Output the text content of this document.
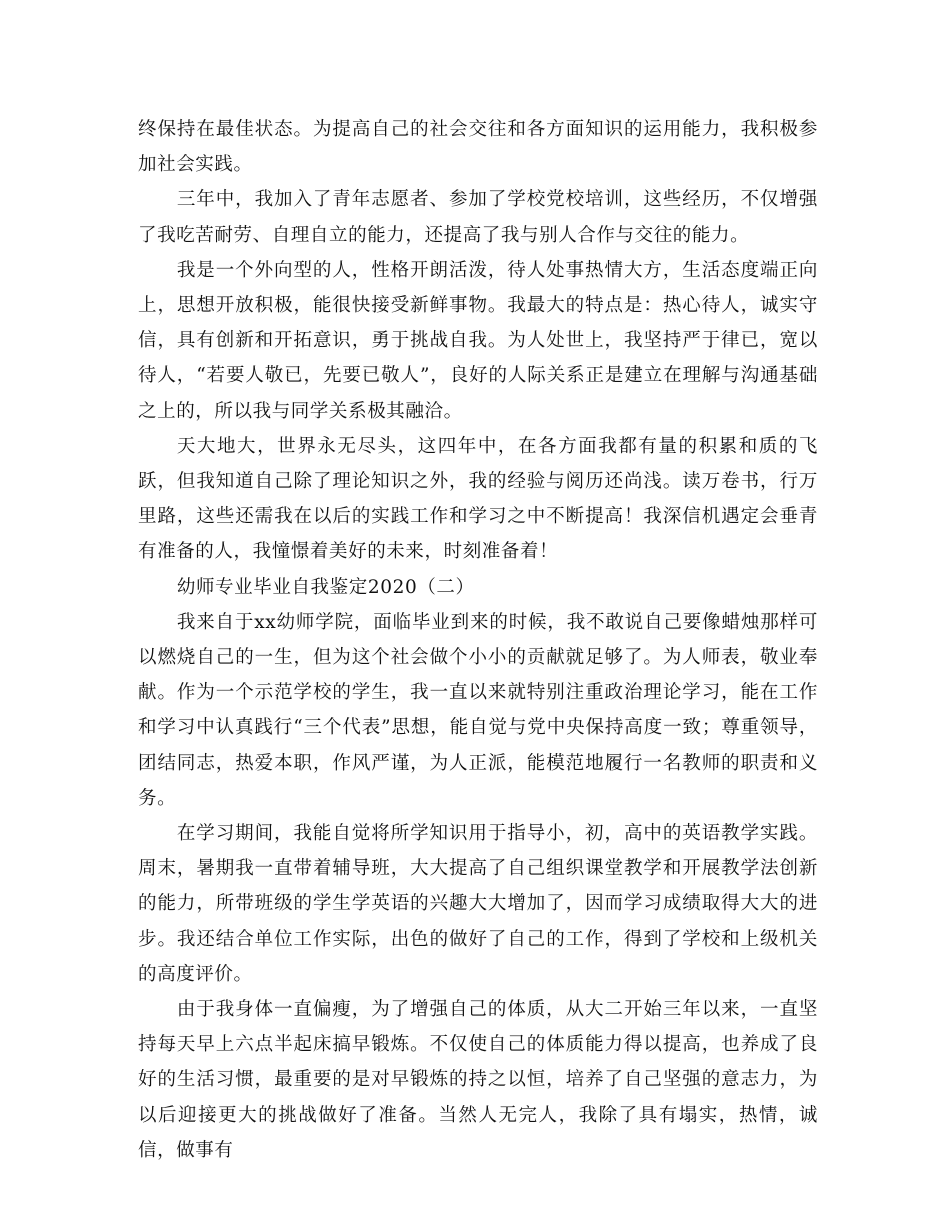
终保持在最佳状态。为提高自己的社会交往和各方面知识的运用能力，我积极参加社会实践。

三年中，我加入了青年志愿者、参加了学校党校培训，这些经历，不仅增强了我吃苦耐劳、自理自立的能力，还提高了我与别人合作与交往的能力。

我是一个外向型的人，性格开朗活泼，待人处事热情大方，生活态度端正向上，思想开放积极，能很快接受新鲜事物。我最大的特点是：热心待人，诚实守信，具有创新和开拓意识，勇于挑战自我。为人处世上，我坚持严于律已，宽以待人，“若要人敬已，先要已敬人”，良好的人际关系正是建立在理解与沟通基础之上的，所以我与同学关系极其融洽。

天大地大，世界永无尽头，这四年中，在各方面我都有量的积累和质的飞跃，但我知道自己除了理论知识之外，我的经验与阅历还尚浅。读万卷书，行万里路，这些还需我在以后的实践工作和学习之中不断提高！我深信机遇定会垂青有准备的人，我憧憬着美好的未来，时刻准备着！

幼师专业毕业自我鉴定2020（二）

我来自于xx幼师学院，面临毕业到来的时候，我不敢说自己要像蜡烛那样可以燃烧自己的一生，但为这个社会做个小小的贡献就足够了。为人师表，敬业奉献。作为一个示范学校的学生，我一直以来就特别注重政治理论学习，能在工作和学习中认真践行“三个代表”思想，能自觉与党中央保持高度一致；尊重领导，团结同志，热爱本职，作风严谨，为人正派，能模范地履行一名教师的职责和义务。

在学习期间，我能自觉将所学知识用于指导小，初，高中的英语教学实践。周末，暑期我一直带着辅导班，大大提高了自己组织课堂教学和开展教学法创新的能力，所带班级的学生学英语的兴趣大大增加了，因而学习成绩取得大大的进步。我还结合单位工作实际，出色的做好了自己的工作，得到了学校和上级机关的高度评价。

由于我身体一直偏瘦，为了增强自己的体质，从大二开始三年以来，一直坚持每天早上六点半起床搞早锻炼。不仅使自己的体质能力得以提高，也养成了良好的生活习惯，最重要的是对早锻炼的持之以恒，培养了自己坚强的意志力，为以后迎接更大的挑战做好了准备。当然人无完人，我除了具有塌实，热情，诚信，做事有
